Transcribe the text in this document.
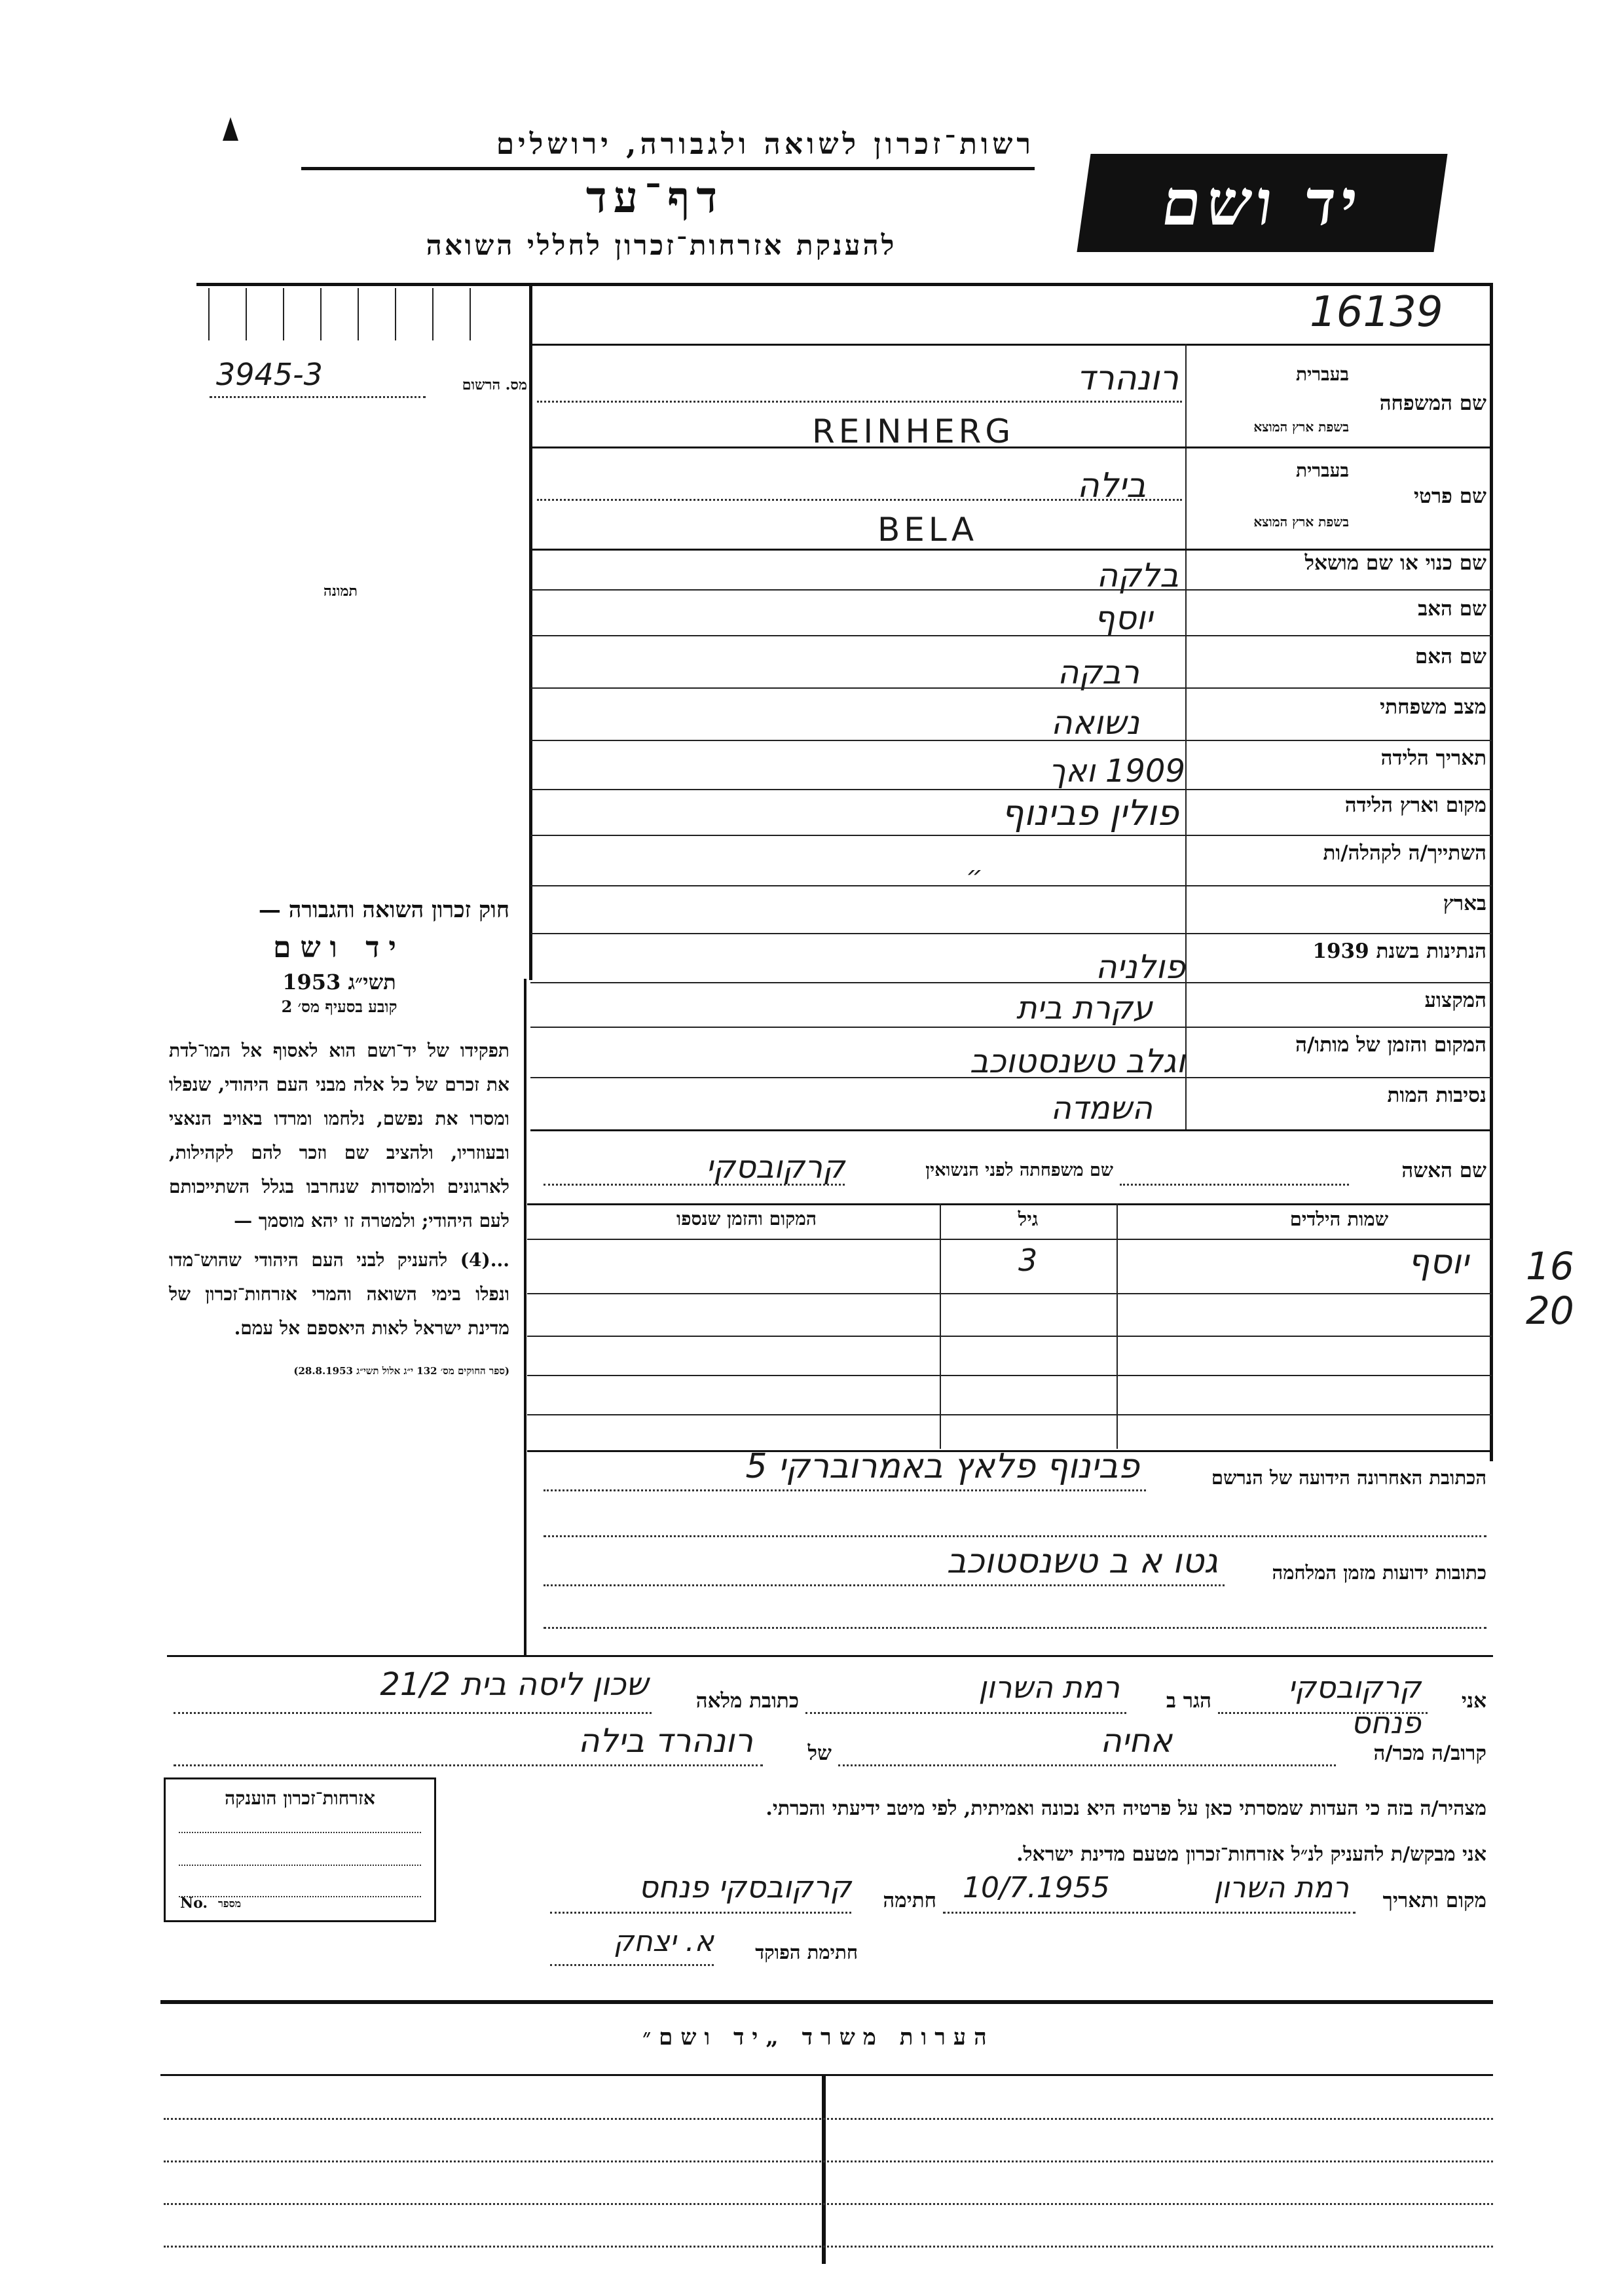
רשות־זכרון לשואה ולגבורה, ירושלים
דף־עד
להענקת אזרחות־זכרון לחללי השואה
יד ושם
16139
מס. הרשום
3945-3
תמונה
שם המשפחה
בעברית
בשפת ארץ המוצא
רונהרד
REINHERG
שם פרטי
בעברית
בשפת ארץ המוצא
בילה
BELA
שם כנוי או שם מושאל
בלקה
שם האב
יוסף
שם האם
רבקה
מצב משפחתי
נשואה
תאריך הלידה
1909 ואך
מקום וארץ הלידה
פולין פבינוף
השתייך/ה לקהלה/ות
״
בארץ
הנתינות בשנת 1939
פולניה
המקצוע
עקרת בית
המקום והזמן של מותו/ה
וגלב טשנסטוכב
נסיבות המות
השמדה
שם האשה
שם משפחתה לפני הנשואין
קרקובסקי
שמות הילדים
גיל
המקום והזמן שנספו
יוסף
3	16 20
הכתובת האחרונה הידועה של הנרשם
פבינוף פלאץ באמרוברקי 5
כתובות ידועות מזמן המלחמה
גטו א ב טשנסטוכב
חוק זכרון השואה והגבורה —
יד ושם
תשי״ג 1953
קובע בסעיף מס׳ 2
תפקידו של יד־ושם הוא לאסוף אל המו־לדת את זכרם של כל אלה מבני העם היהודי, שנפלו ומסרו את נפשם, נלחמו ומרדו באויב הנאצי ובעוזריו, ולהציב שם וזכר להם לקהילות, לארגונים ולמוסדות שנחרבו בגלל השתייכותם לעם היהודי; ולמטרה זו יהא מוסמך —
...(4) להעניק לבני העם היהודי שהוש־מדו ונפלו בימי השואה והמרי אזרחות־זכרון של מדינת ישראל לאות היאספם אל עמם.
(ספר החוקים מס׳ 132 י״ג אלול תשי״ג 28.8.1953)
אני
קרקובסקי פנחס
הגר ב
רמת השרון
כתובת מלאה
שכון ליסה בית 21/2
קרוב/ה מכר/ה
אחיה
של
רונהרד בילה
מצהיר/ה בזה כי העדות שמסרתי כאן על פרטיה היא נכונה ואמיתית, לפי מיטב ידיעתי והכרתי.
אני מבקש/ת להעניק לנ״ל אזרחות־זכרון מטעם מדינת ישראל.
מקום ותאריך
רמת השרון
10/7.1955
חתימה
קרקובסקי פנחס
חתימת הפוקד
א. יצחק
אזרחות־זכרון הוענקה
No. מספר
הערות משרד „יד ושם״
